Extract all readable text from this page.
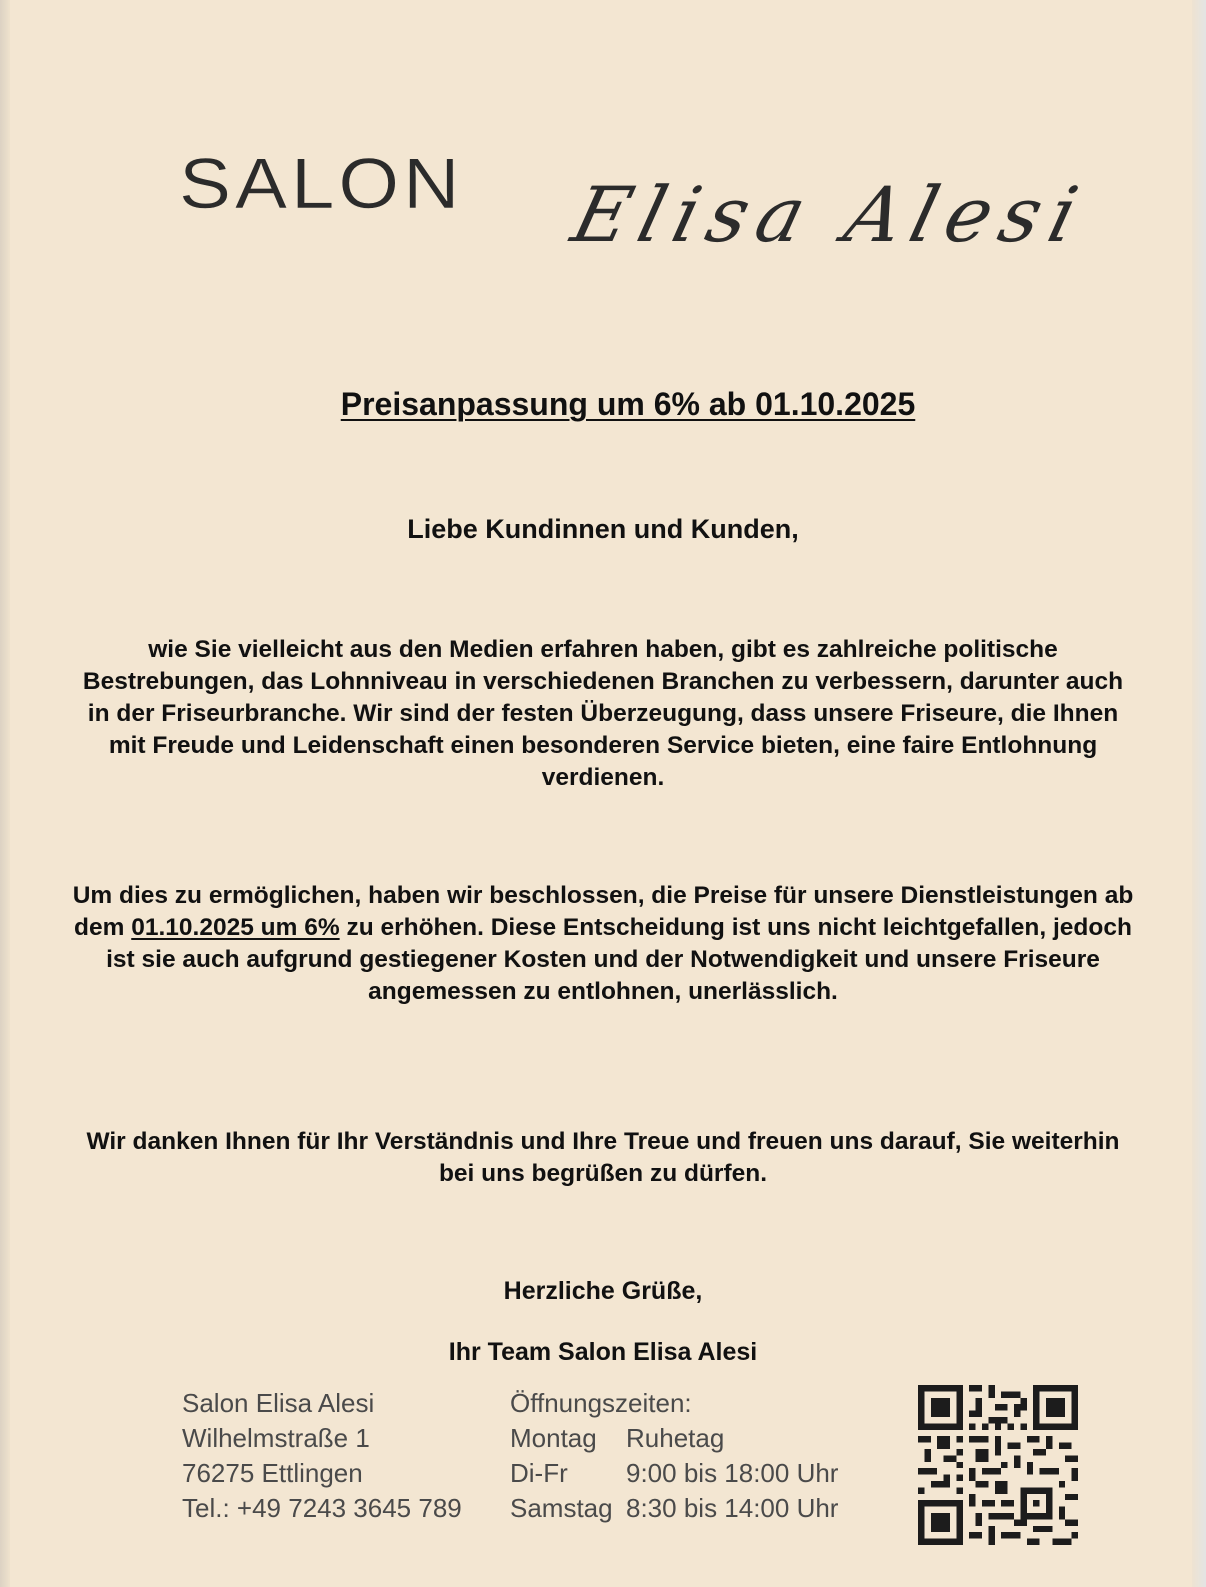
SALON Elisa Alesi
Preisanpassung um 6% ab 01.10.2025
Liebe Kundinnen und Kunden,

wie Sie vielleicht aus den Medien erfahren haben, gibt es zahlreiche politische Bestrebungen, das Lohnniveau in verschiedenen Branchen zu verbessern, darunter auch in der Friseurbranche. Wir sind der festen Überzeugung, dass unsere Friseure, die Ihnen mit Freude und Leidenschaft einen besonderen Service bieten, eine faire Entlohnung verdienen.

Um dies zu ermöglichen, haben wir beschlossen, die Preise für unsere Dienstleistungen ab dem 01.10.2025 um 6% zu erhöhen. Diese Entscheidung ist uns nicht leichtgefallen, jedoch ist sie auch aufgrund gestiegener Kosten und der Notwendigkeit und unsere Friseure angemessen zu entlohnen, unerlässlich.

Wir danken Ihnen für Ihr Verständnis und Ihre Treue und freuen uns darauf, Sie weiterhin bei uns begrüßen zu dürfen.

Herzliche Grüße,
Ihr Team Salon Elisa Alesi
Salon Elisa Alesi
Wilhelmstraße 1
76275 Ettlingen
Tel.: +49 7243 3645 789
Öffnungszeiten:
Montag	Ruhetag
Di-Fr	9:00 bis 18:00 Uhr
Samstag 8:30 bis 14:00 Uhr
